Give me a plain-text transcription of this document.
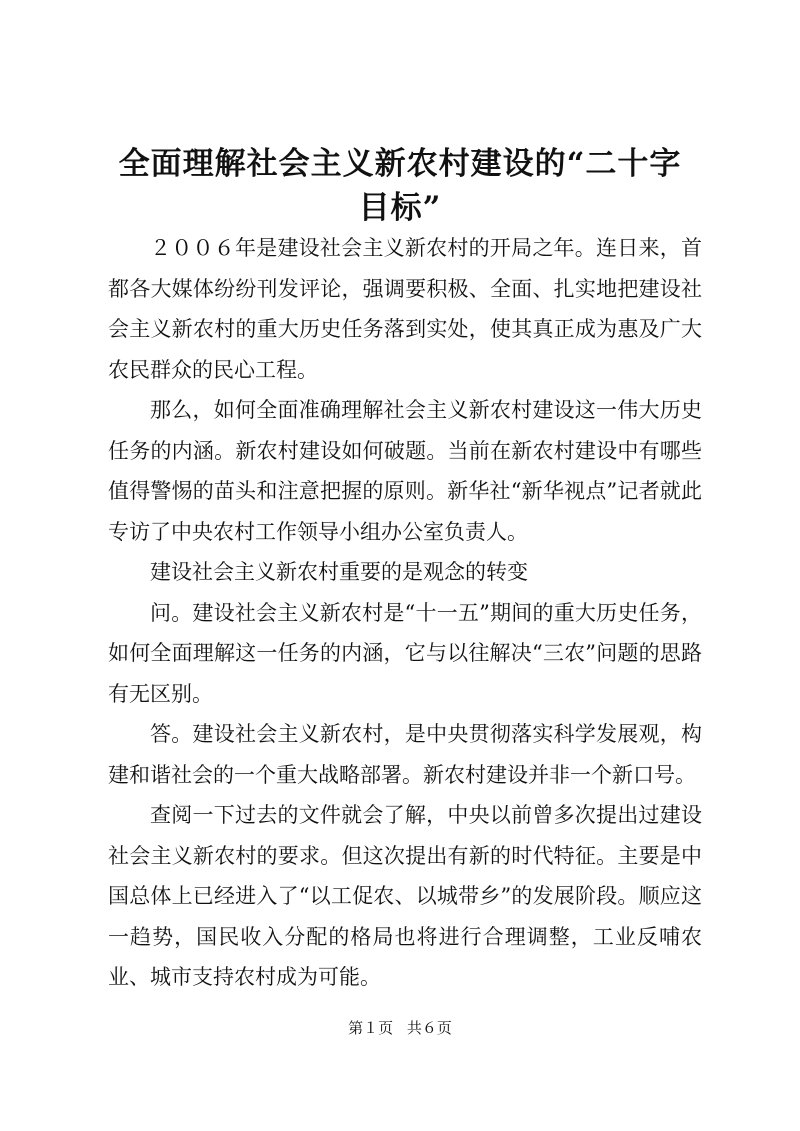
全面理解社会主义新农村建设的“二十字目标”

２００６年是建设社会主义新农村的开局之年。连日来，首都各大媒体纷纷刊发评论，强调要积极、全面、扎实地把建设社会主义新农村的重大历史任务落到实处，使其真正成为惠及广大农民群众的民心工程。

那么，如何全面准确理解社会主义新农村建设这一伟大历史任务的内涵。新农村建设如何破题。当前在新农村建设中有哪些值得警惕的苗头和注意把握的原则。新华社“新华视点”记者就此专访了中央农村工作领导小组办公室负责人。

建设社会主义新农村重要的是观念的转变

问。建设社会主义新农村是“十一五”期间的重大历史任务，如何全面理解这一任务的内涵，它与以往解决“三农”问题的思路有无区别。

答。建设社会主义新农村，是中央贯彻落实科学发展观，构建和谐社会的一个重大战略部署。新农村建设并非一个新口号。

查阅一下过去的文件就会了解，中央以前曾多次提出过建设社会主义新农村的要求。但这次提出有新的时代特征。主要是中国总体上已经进入了“以工促农、以城带乡”的发展阶段。顺应这一趋势，国民收入分配的格局也将进行合理调整，工业反哺农业、城市支持农村成为可能。

第１页 共６页
